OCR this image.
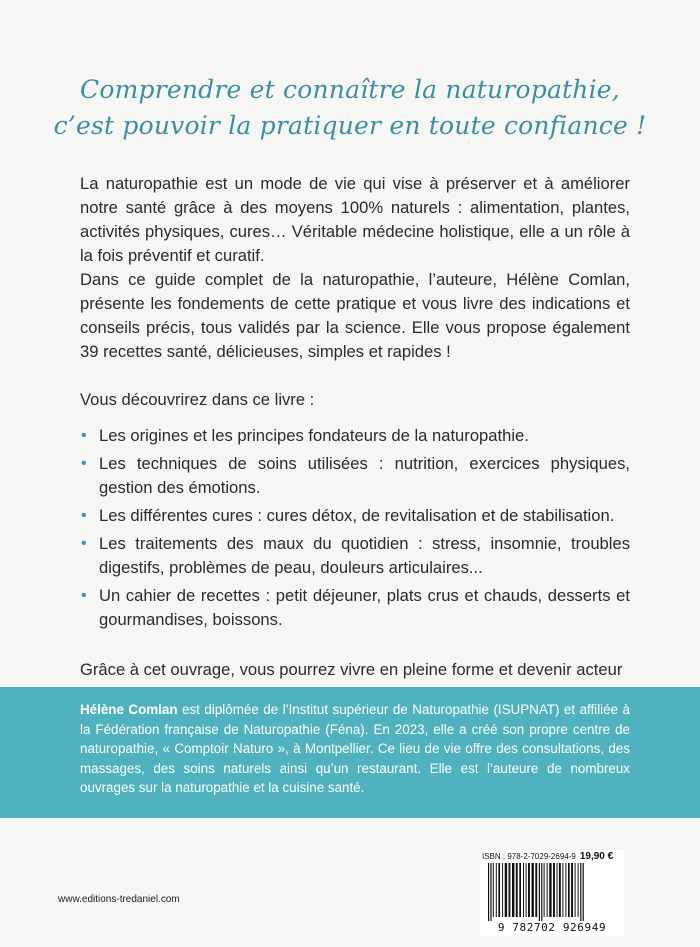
Comprendre et connaître la naturopathie,
c’est pouvoir la pratiquer en toute confiance !

La naturopathie est un mode de vie qui vise à préserver et à améliorer notre santé grâce à des moyens 100% naturels : alimentation, plantes, activités physiques, cures… Véritable médecine holistique, elle a un rôle à la fois préventif et curatif.

Dans ce guide complet de la naturopathie, l’auteure, Hélène Comlan, présente les fondements de cette pratique et vous livre des indications et conseils précis, tous validés par la science. Elle vous propose également 39 recettes santé, délicieuses, simples et rapides !

Vous découvrirez dans ce livre :

• Les origines et les principes fondateurs de la naturopathie.
• Les techniques de soins utilisées : nutrition, exercices physiques, gestion des émotions.
• Les différentes cures : cures détox, de revitalisation et de stabilisation.
• Les traitements des maux du quotidien : stress, insomnie, troubles digestifs, problèmes de peau, douleurs articulaires...
• Un cahier de recettes : petit déjeuner, plats crus et chauds, desserts et gourmandises, boissons.

Grâce à cet ouvrage, vous pourrez vivre en pleine forme et devenir acteur

Hélène Comlan est diplômée de l’Institut supérieur de Naturopathie (ISUPNAT) et affiliée à la Fédération française de Naturopathie (Féna). En 2023, elle a créé son propre centre de naturopathie, « Comptoir Naturo », à Montpellier. Ce lieu de vie offre des consultations, des massages, des soins naturels ainsi qu’un restaurant. Elle est l’auteure de nombreux ouvrages sur la naturopathie et la cuisine santé.
www.editions-tredaniel.com
ISBN : 978-2-7029-2694-9 19,90 €
9 782702 926949
